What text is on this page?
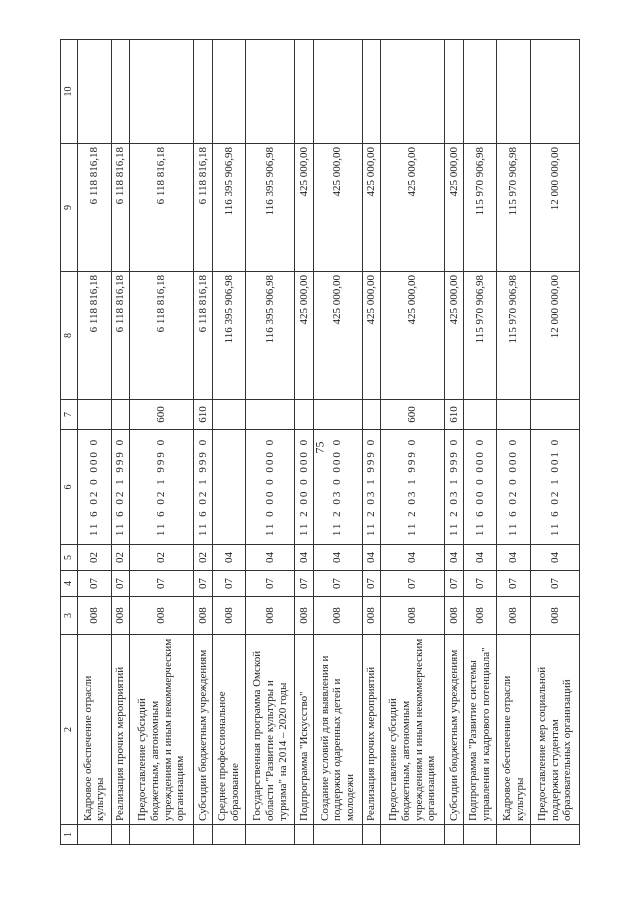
75
1	2	3	4	5	6	7	8	9	10
	Кадровое обеспечение отрасли культуры	008	07	02	11 6 02 0 000 0		6 118 816,18	6 118 816,18	
	Реализация прочих мероприятий	008	07	02	11 6 02 1 999 0		6 118 816,18	6 118 816,18	
	Предоставление субсидий бюджетным, автономным учреждениям и иным некоммерческим организациям	008	07	02	11 6 02 1 999 0	600	6 118 816,18	6 118 816,18	
	Субсидии бюджетным учреждениям	008	07	02	11 6 02 1 999 0	610	6 118 816,18	6 118 816,18	
	Среднее профессиональное образование	008	07	04			116 395 906,98	116 395 906,98	
	Государственная программа Омской области "Развитие культуры и туризма" на 2014 – 2020 годы	008	07	04	11 0 00 0 000 0		116 395 906,98	116 395 906,98	
	Подпрограмма "Искусство"	008	07	04	11 2 00 0 000 0		425 000,00	425 000,00	
	Создание условий для выявления и поддержки одаренных детей и молодежи	008	07	04	11 2 03 0 000 0		425 000,00	425 000,00	
	Реализация прочих мероприятий	008	07	04	11 2 03 1 999 0		425 000,00	425 000,00	
	Предоставление субсидий бюджетным, автономным учреждениям и иным некоммерческим организациям	008	07	04	11 2 03 1 999 0	600	425 000,00	425 000,00	
	Субсидии бюджетным учреждениям	008	07	04	11 2 03 1 999 0	610	425 000,00	425 000,00	
	Подпрограмма "Развитие системы управления и кадрового потенциала"	008	07	04	11 6 00 0 000 0		115 970 906,98	115 970 906,98	
	Кадровое обеспечение отрасли культуры	008	07	04	11 6 02 0 000 0		115 970 906,98	115 970 906,98	
	Предоставление мер социальной поддержки студентам образовательных организаций	008	07	04	11 6 02 1 001 0		12 000 000,00	12 000 000,00	
